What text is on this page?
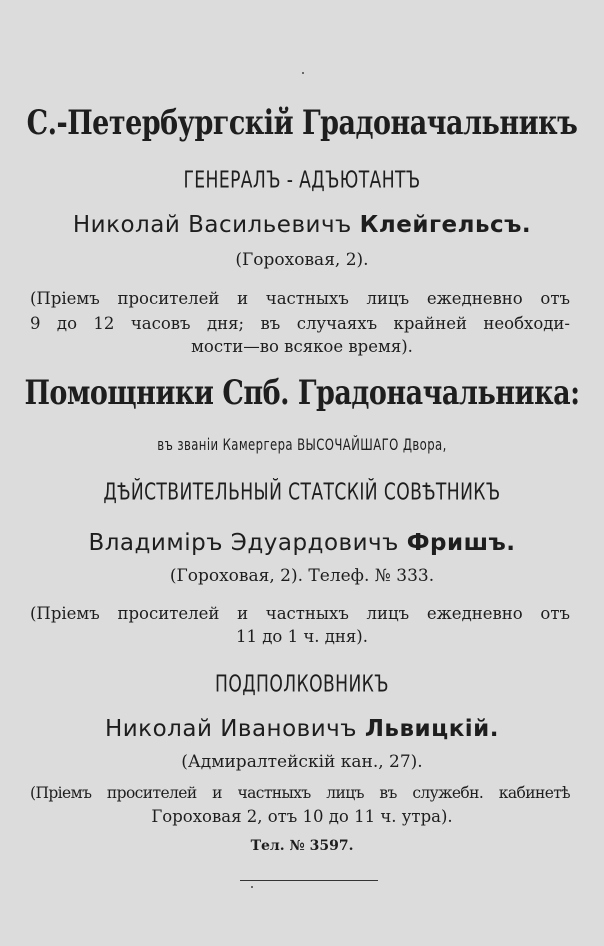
С.-Петербургскій Градоначальникъ
ГЕНЕРАЛЪ - АДЪЮТАНТЪ
Николай Васильевичъ Клейгельсъ.
(Гороховая, 2).
(Пріемъ просителей и частныхъ лицъ ежедневно отъ
9 до 12 часовъ дня; въ случаяхъ крайней необходи-
мости—во всякое время).
Помощники Спб. Градоначальника:
въ званіи Камергера ВЫСОЧАЙШАГО Двора,
ДѢЙСТВИТЕЛЬНЫЙ СТАТСКІЙ СОВѢТНИКЪ
Владиміръ Эдуардовичъ Фришъ.
(Гороховая, 2). Телеф. № 333.
(Пріемъ просителей и частныхъ лицъ ежедневно отъ
11 до 1 ч. дня).
ПОДПОЛКОВНИКЪ
Николай Ивановичъ Львицкій.
(Адмиралтейскій кан., 27).
(Пріемъ просителей и частныхъ лицъ въ служебн. кабинетѣ
Гороховая 2, отъ 10 до 11 ч. утра).
Тел. № 3597.
